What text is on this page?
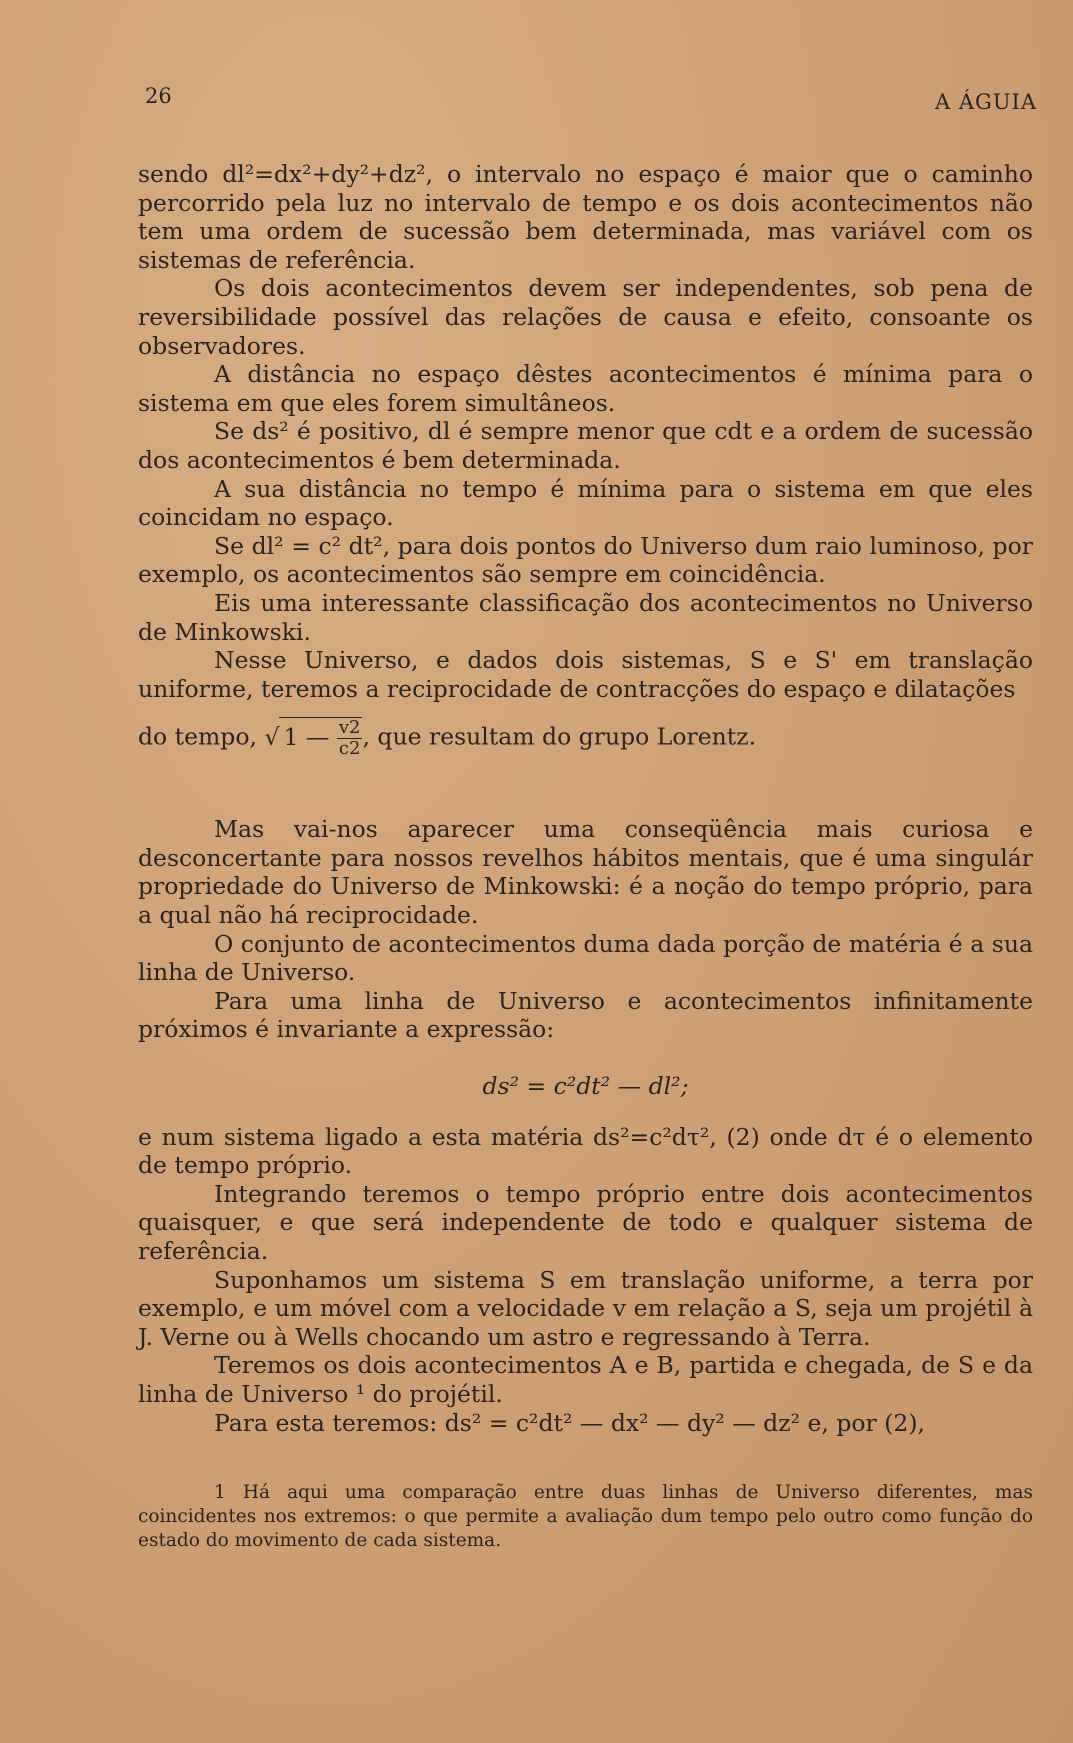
26	A ÁGUIA

sendo dl²=dx²+dy²+dz², o intervalo no espaço é maior que o caminho percorrido pela luz no intervalo de tempo e os dois acontecimentos não tem uma ordem de sucessão bem determinada, mas variável com os sistemas de referência.

Os dois acontecimentos devem ser independentes, sob pena de reversibilidade possível das relações de causa e efeito, consoante os observadores.

A distância no espaço dêstes acontecimentos é mínima para o sistema em que eles forem simultâneos.

Se ds² é positivo, dl é sempre menor que cdt e a ordem de sucessão dos acontecimentos é bem determinada.

A sua distância no tempo é mínima para o sistema em que eles coincidam no espaço.

Se dl² = c² dt², para dois pontos do Universo dum raio luminoso, por exemplo, os acontecimentos são sempre em coincidência.

Eis uma interessante classificação dos acontecimentos no Universo de Minkowski.

Nesse Universo, e dados dois sistemas, S e S' em translação uniforme, teremos a reciprocidade de contracções do espaço e dilatações

do tempo, √ 1 — $\frac{v2}{c2}$ , que resultam do grupo Lorentz.

Mas vai-nos aparecer uma conseqüência mais curiosa e desconcertante para nossos revelhos hábitos mentais, que é uma singulár propriedade do Universo de Minkowski: é a noção do tempo próprio, para a qual não há reciprocidade.

O conjunto de acontecimentos duma dada porção de matéria é a sua linha de Universo.

Para uma linha de Universo e acontecimentos infinitamente próximos é invariante a expressão:

ds² = c²dt² — dl²;

e num sistema ligado a esta matéria ds²=c²dτ², (2) onde dτ é o elemento de tempo próprio.

Integrando teremos o tempo próprio entre dois acontecimentos quaisquer, e que será independente de todo e qualquer sistema de referência.

Suponhamos um sistema S em translação uniforme, a terra por exemplo, e um móvel com a velocidade v em relação a S, seja um projétil à J. Verne ou à Wells chocando um astro e regressando à Terra.

Teremos os dois acontecimentos A e B, partida e chegada, de S e da linha de Universo ¹ do projétil.

Para esta teremos: ds² = c²dt² — dx² — dy² — dz² e, por (2),

1 Há aqui uma comparação entre duas linhas de Universo diferentes, mas coincidentes nos extremos: o que permite a avaliação dum tempo pelo outro como função do estado do movimento de cada sistema.
